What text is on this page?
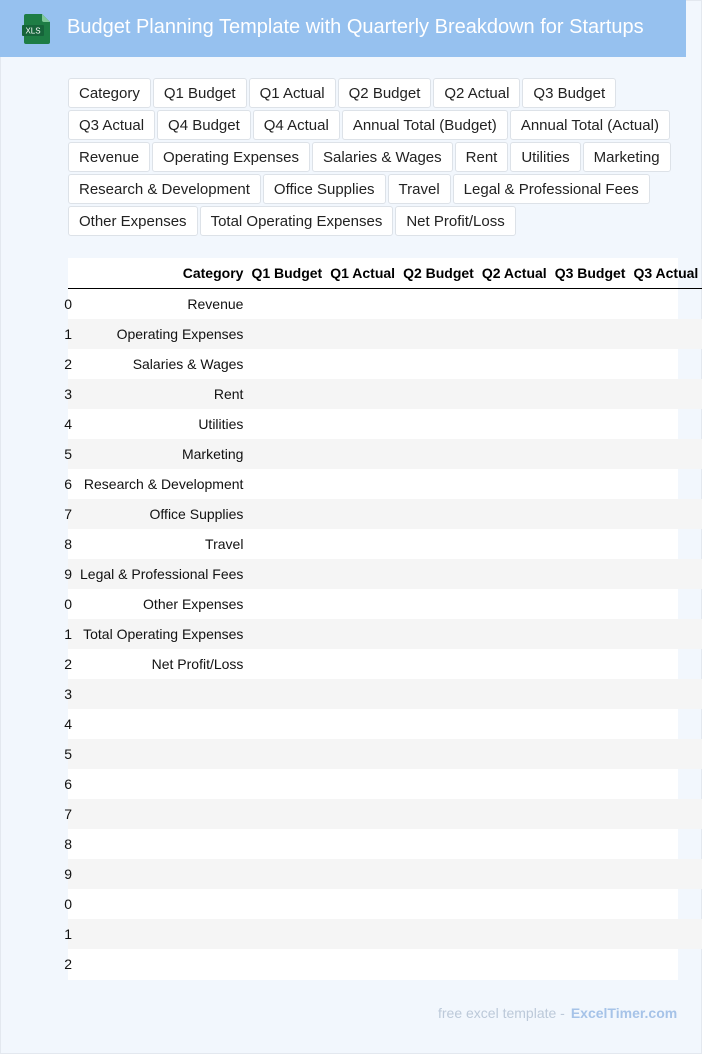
XLS Budget Planning Template with Quarterly Breakdown for Startups
Category	Q1 Budget	Q1 Actual	Q2 Budget	Q2 Actual	Q3 Budget
Q3 Actual	Q4 Budget	Q4 Actual	Annual Total (Budget)	Annual Total (Actual)
Revenue	Operating Expenses	Salaries & Wages	Rent	Utilities	Marketing
Research & Development	Office Supplies	Travel	Legal & Professional Fees
Other Expenses	Total Operating Expenses	Net Profit/Loss
	Category	Q1 Budget	Q1 Actual	Q2 Budget	Q2 Actual	Q3 Budget	Q3 Actual

0	Revenue						

1	Operating Expenses						

2	Salaries & Wages						

3	Rent						

4	Utilities						

5	Marketing						

6	Research & Development						

7	Office Supplies						

8	Travel						

9	Legal & Professional Fees						

0	Other Expenses						

1	Total Operating Expenses						

2	Net Profit/Loss						

3							

4							

5							

6							

7							

8							

9							

0							

1							

2							

free excel template - ExcelTimer.com
